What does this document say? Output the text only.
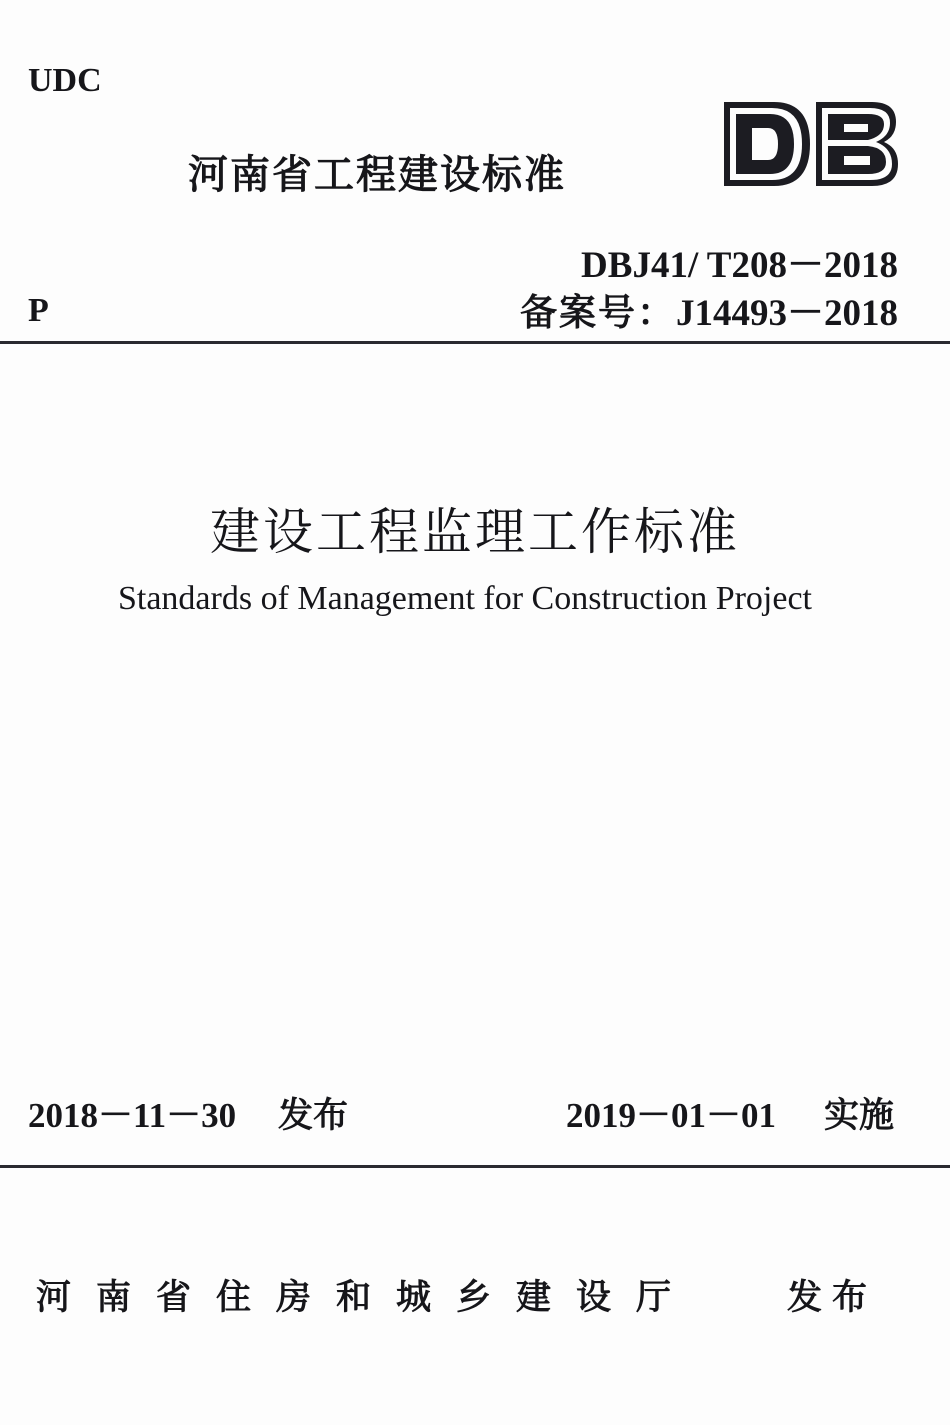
UDC
河南省工程建设标准
DBJ41/ T208－2018
P	备案号：J14493－2018
建设工程监理工作标准
Standards of Management for Construction Project
2018－11－30 发布	2019－01－01 实施
河南省住房和城乡建设厅	发布
